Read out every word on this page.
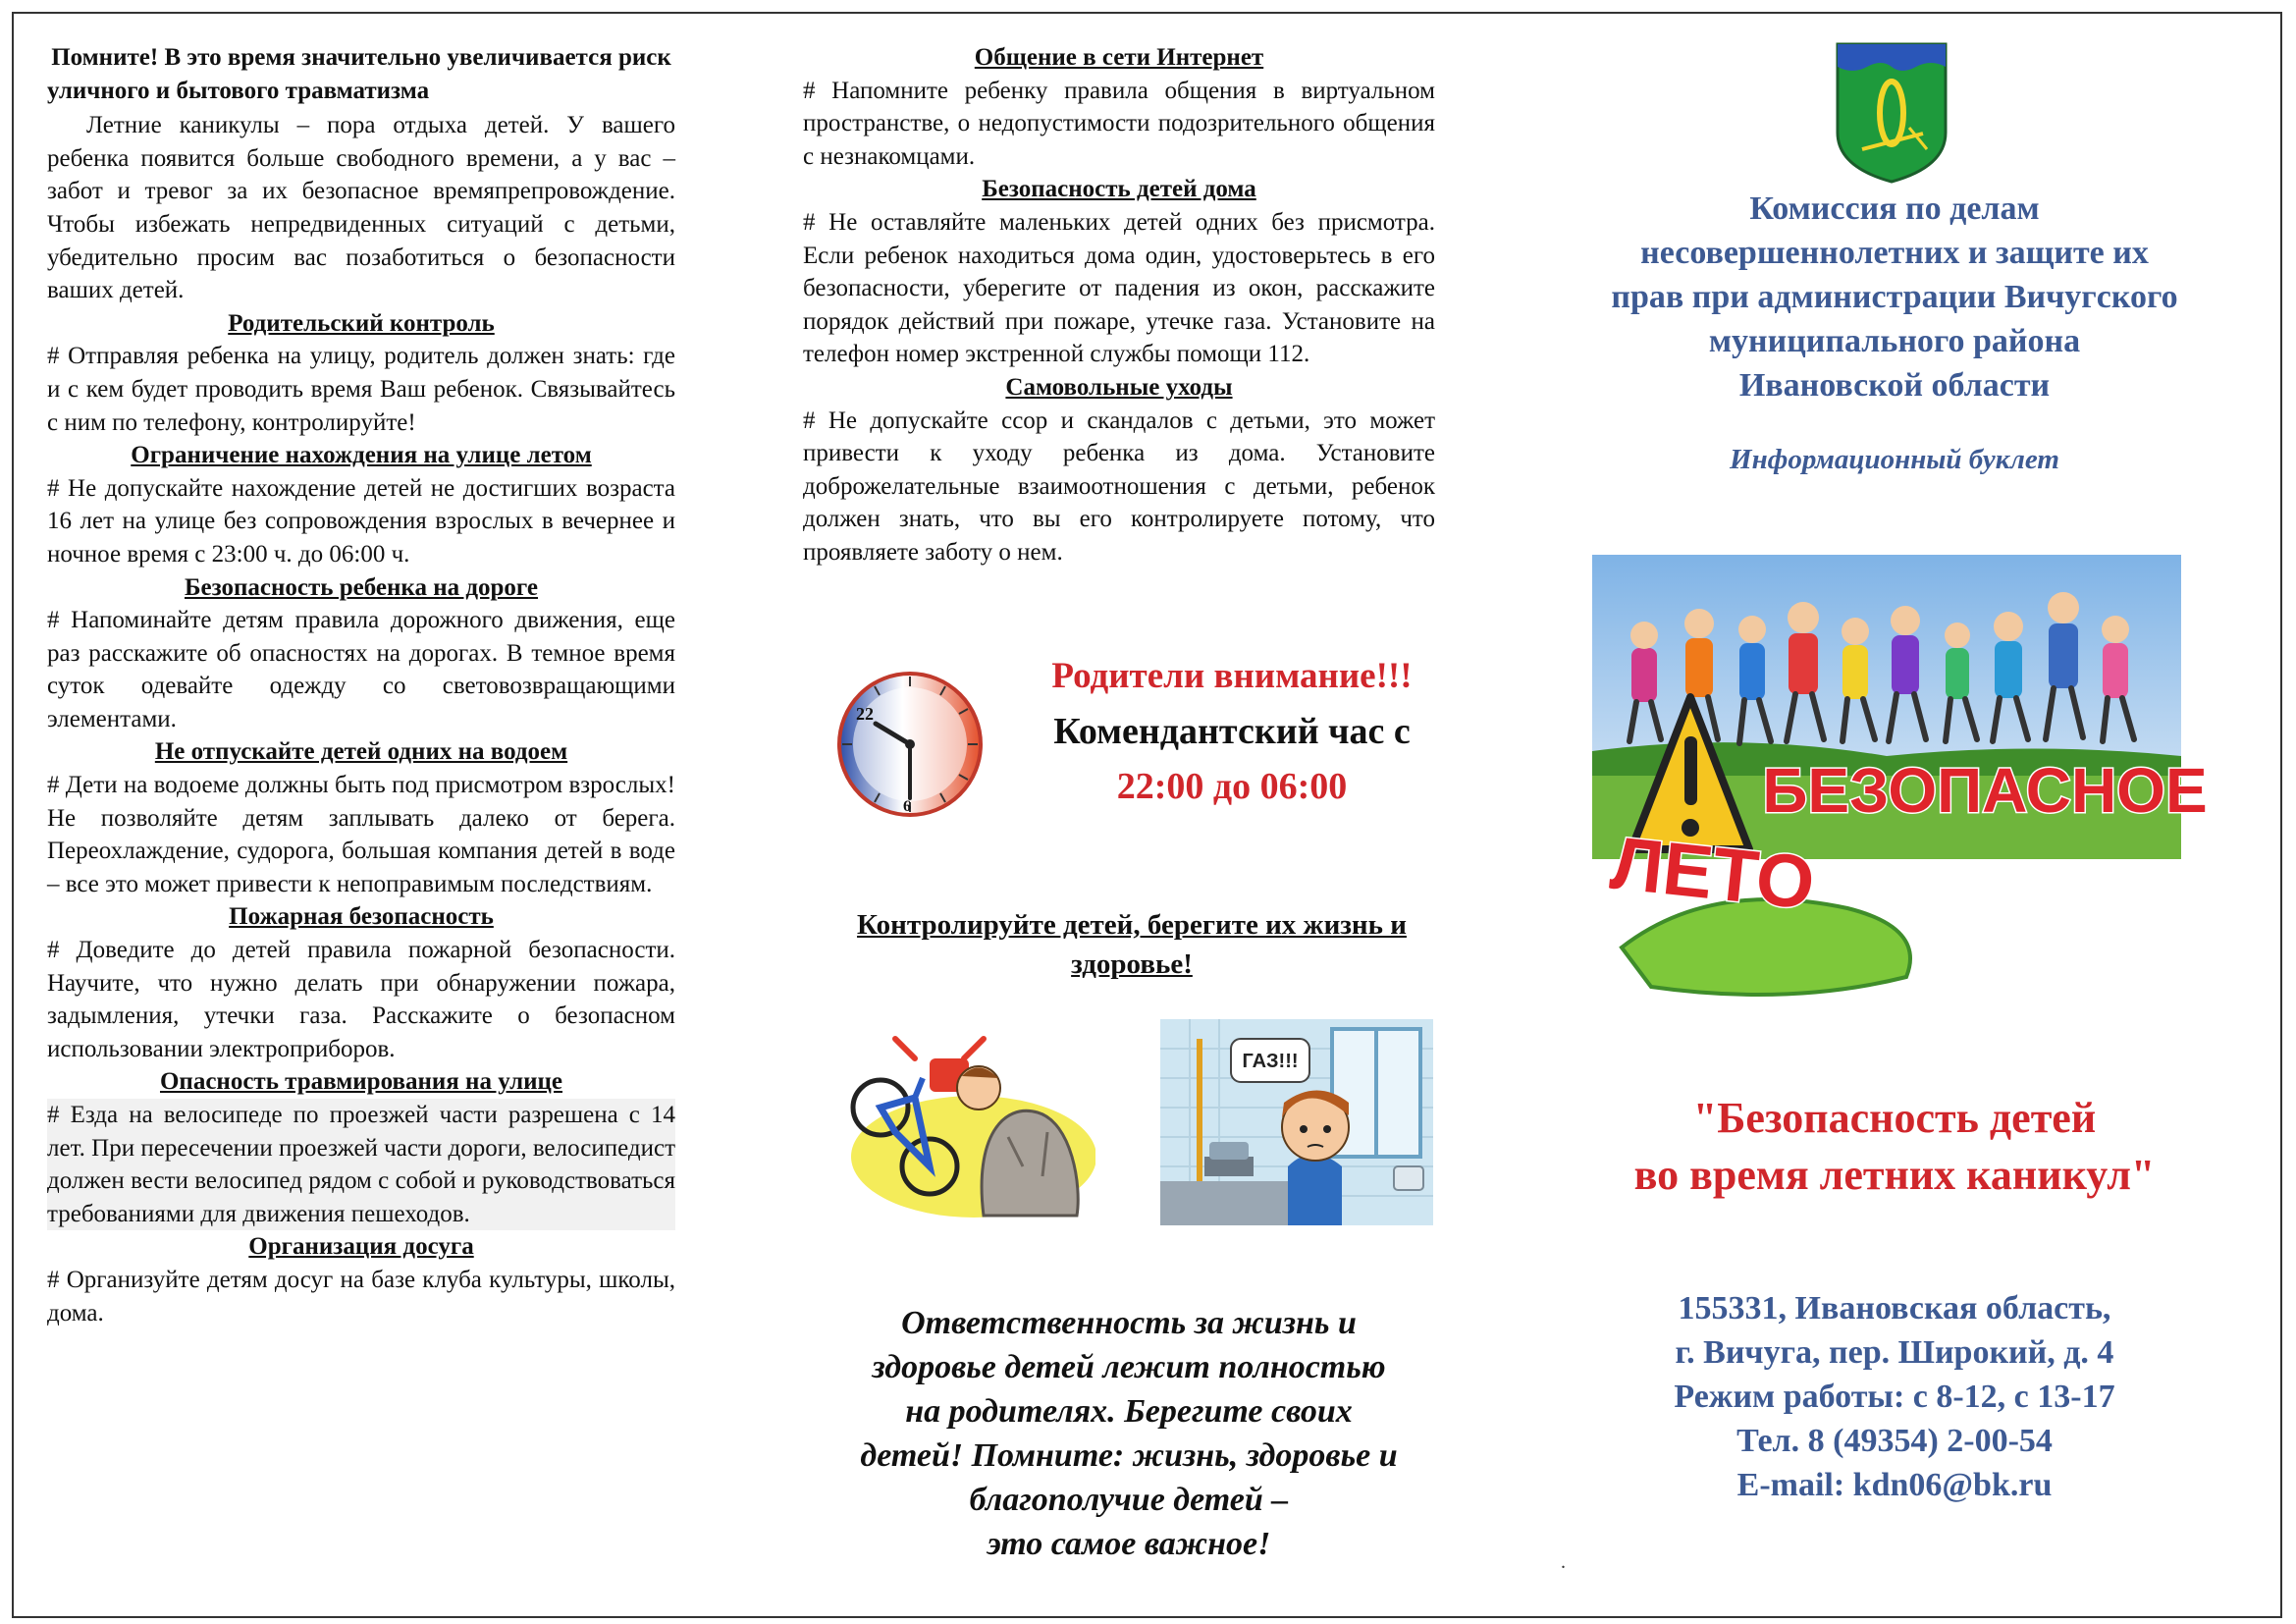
Помните! В это время значительно увеличивается риск уличного и бытового травматизма

Летние каникулы – пора отдыха детей. У вашего ребенка появится больше свободного времени, а у вас – забот и тревог за их безопасное времяпрепровождение. Чтобы избежать непредвиденных ситуаций с детьми, убедительно просим вас позаботиться о безопасности ваших детей.

Родительский контроль

# Отправляя ребенка на улицу, родитель должен знать: где и с кем будет проводить время Ваш ребенок. Связывайтесь с ним по телефону, контролируйте!

Ограничение нахождения на улице летом

# Не допускайте нахождение детей не достигших возраста 16 лет на улице без сопровождения взрослых в вечернее и ночное время с 23:00 ч. до 06:00 ч.

Безопасность ребенка на дороге

# Напоминайте детям правила дорожного движения, еще раз расскажите об опасностях на дорогах. В темное время суток одевайте одежду со световозвращающими элементами.

Не отпускайте детей одних на водоем

# Дети на водоеме должны быть под присмотром взрослых! Не позволяйте детям заплывать далеко от берега. Переохлаждение, судорога, большая компания детей в воде – все это может привести к непоправимым последствиям.

Пожарная безопасность

# Доведите до детей правила пожарной безопасности. Научите, что нужно делать при обнаружении пожара, задымления, утечки газа. Расскажите о безопасном использовании электроприборов.

Опасность травмирования на улице

# Езда на велосипеде по проезжей части разрешена с 14 лет. При пересечении проезжей части дороги, велосипедист должен вести велосипед рядом с собой и руководствоваться требованиями для движения пешеходов.

Организация досуга

# Организуйте детям досуг на базе клуба культуры, школы, дома.

Общение в сети Интернет

# Напомните ребенку правила общения в виртуальном пространстве, о недопустимости подозрительного общения с незнакомцами.

Безопасность детей дома

# Не оставляйте маленьких детей одних без присмотра. Если ребенок находиться дома один, удостоверьтесь в его безопасности, уберегите от падения из окон, расскажите порядок действий при пожаре, утечке газа. Установите на телефон номер экстренной службы помощи 112.

Самовольные уходы

# Не допускайте ссор и скандалов с детьми, это может привести к уходу ребенка из дома. Установите доброжелательные взаимоотношения с детьми, ребенок должен знать, что вы его контролируете потому, что проявляете заботу о нем.

22
6
Родители внимание!!!
Комендантский час с
22:00 до 06:00
Контролируйте детей, берегите их жизнь и здоровье!
ГАЗ!!!
Ответственность за жизнь и
здоровье детей лежит полностью
на родителях. Берегите своих
детей! Помните: жизнь, здоровье и
благополучие детей –
это самое важное!
Комиссия по делам
несовершеннолетних и защите их
прав при администрации Вичугского
муниципального района
Ивановской области
Информационный буклет
БЕЗОПАСНОЕ
ЛЕТО
"Безопасность детей
во время летних каникул"
155331, Ивановская область,
г. Вичуга, пер. Широкий, д. 4
Режим работы: с 8-12, с 13-17
Тел. 8 (49354) 2-00-54
E-mail: kdn06@bk.ru
.
